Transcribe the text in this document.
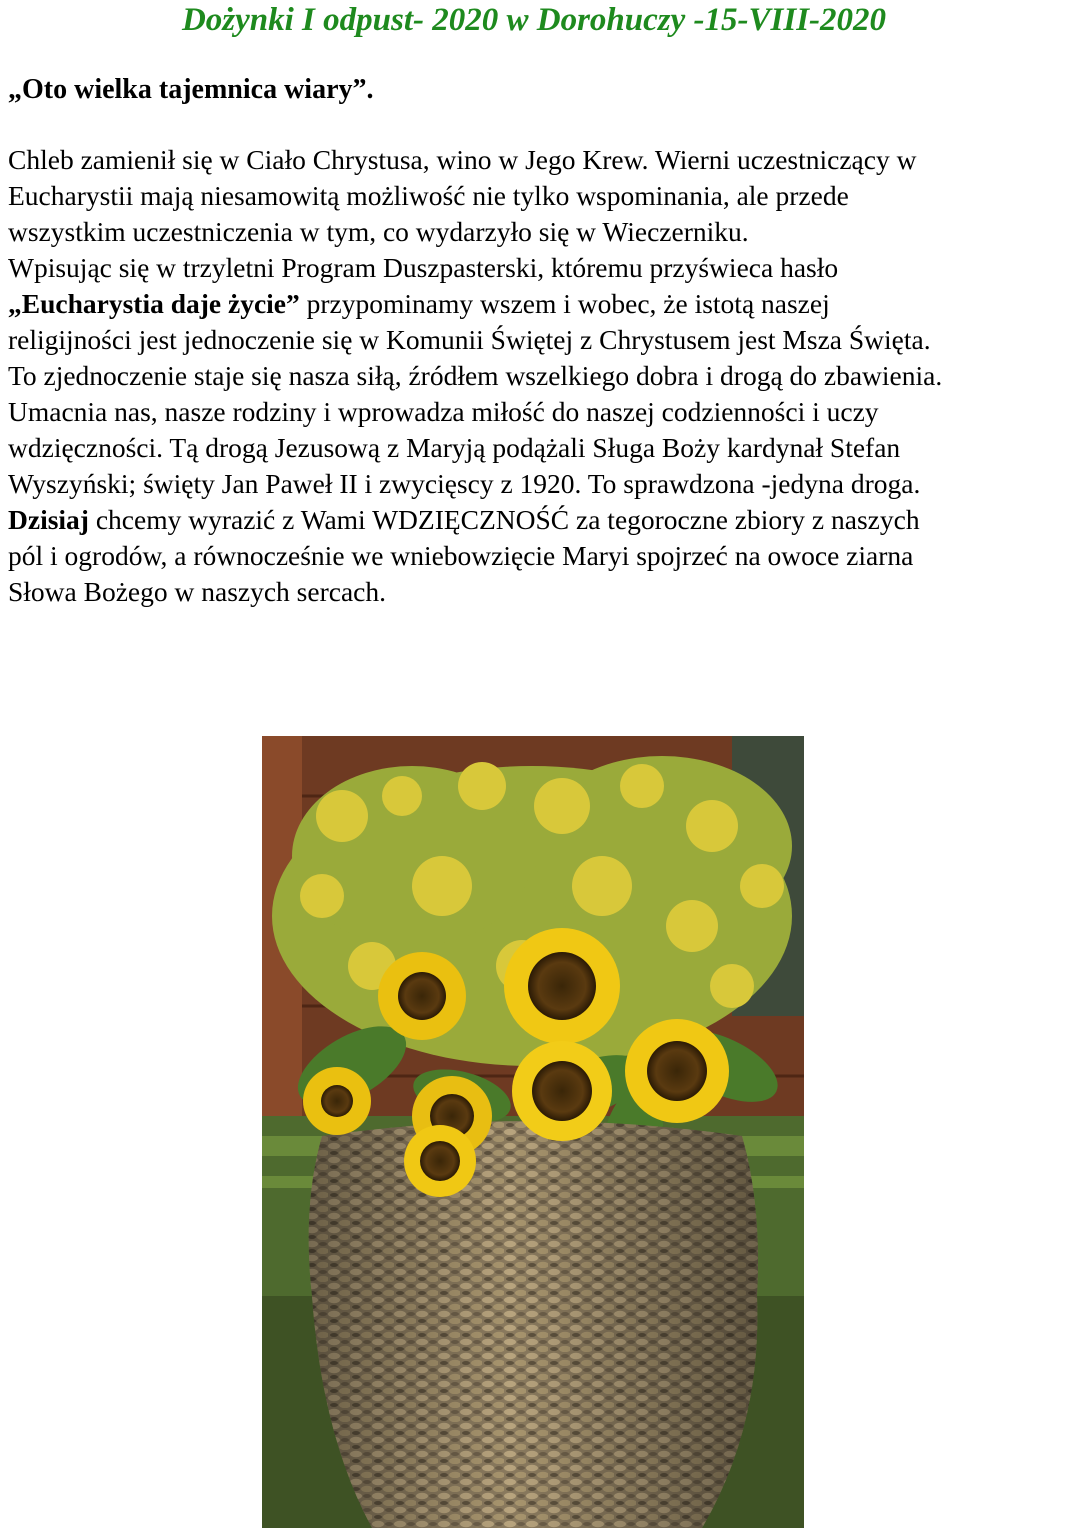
Dożynki I odpust- 2020 w Dorohuczy -15-VIII-2020
„Oto wielka tajemnica wiary”.
Chleb zamienił się w Ciało Chrystusa, wino w Jego Krew. Wierni uczestniczący w
Eucharystii mają niesamowitą możliwość nie tylko wspominania, ale przede
wszystkim uczestniczenia w tym, co wydarzyło się w Wieczerniku.
Wpisując się w trzyletni Program Duszpasterski, któremu przyświeca hasło
„Eucharystia daje życie” przypominamy wszem i wobec, że istotą naszej
religijności jest jednoczenie się w Komunii Świętej z Chrystusem jest Msza Święta.
To zjednoczenie staje się nasza siłą, źródłem wszelkiego dobra i drogą do zbawienia.
Umacnia nas, nasze rodziny i wprowadza miłość do naszej codzienności i uczy
wdzięczności. Tą drogą Jezusową z Maryją podążali Sługa Boży kardynał Stefan
Wyszyński; święty Jan Paweł II i zwycięscy z 1920. To sprawdzona -jedyna droga.
Dzisiaj chcemy wyrazić z Wami WDZIĘCZNOŚĆ za tegoroczne zbiory z naszych
pól i ogrodów, a równocześnie we wniebowzięcie Maryi spojrzeć na owoce ziarna
Słowa Bożego w naszych sercach.
